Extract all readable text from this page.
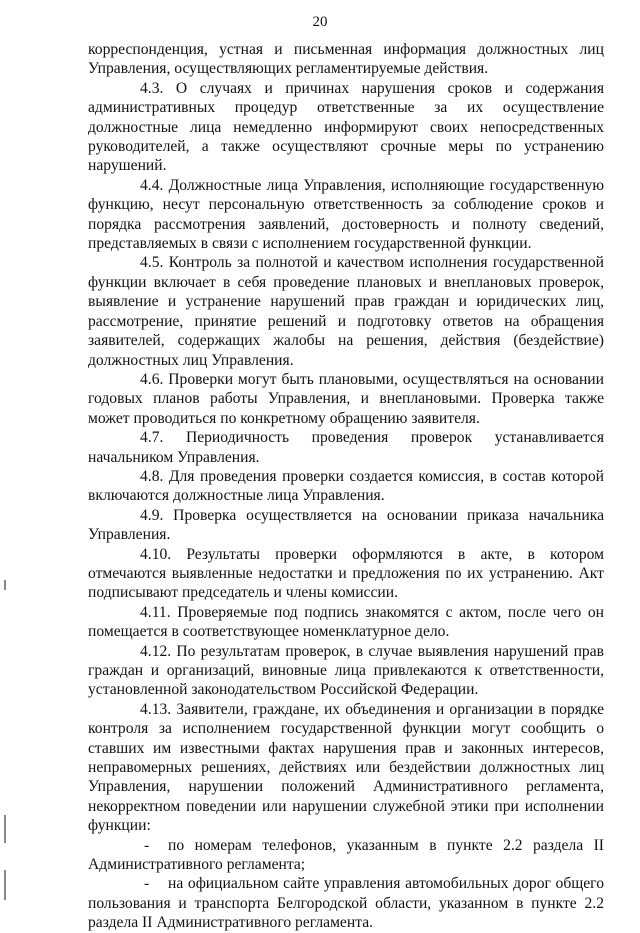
20

корреспонденция, устная и письменная информация должностных лиц Управления, осуществляющих регламентируемые действия.

4.3. О случаях и причинах нарушения сроков и содержания административных процедур ответственные за их осуществление должностные лица немедленно информируют своих непосредственных руководителей, а также осуществляют срочные меры по устранению нарушений.

4.4. Должностные лица Управления, исполняющие государственную функцию, несут персональную ответственность за соблюдение сроков и порядка рассмотрения заявлений, достоверность и полноту сведений, представляемых в связи с исполнением государственной функции.

4.5. Контроль за полнотой и качеством исполнения государственной функции включает в себя проведение плановых и внеплановых проверок, выявление и устранение нарушений прав граждан и юридических лиц, рассмотрение, принятие решений и подготовку ответов на обращения заявителей, содержащих жалобы на решения, действия (бездействие) должностных лиц Управления.

4.6. Проверки могут быть плановыми, осуществляться на основании годовых планов работы Управления, и внеплановыми. Проверка также может проводиться по конкретному обращению заявителя.

4.7. Периодичность проведения проверок устанавливается начальником Управления.

4.8. Для проведения проверки создается комиссия, в состав которой включаются должностные лица Управления.

4.9. Проверка осуществляется на основании приказа начальника Управления.

4.10. Результаты проверки оформляются в акте, в котором отмечаются выявленные недостатки и предложения по их устранению. Акт подписывают председатель и члены комиссии.

4.11. Проверяемые под подпись знакомятся с актом, после чего он помещается в соответствующее номенклатурное дело.

4.12. По результатам проверок, в случае выявления нарушений прав граждан и организаций, виновные лица привлекаются к ответственности, установленной законодательством Российской Федерации.

4.13. Заявители, граждане, их объединения и организации в порядке контроля за исполнением государственной функции могут сообщить о ставших им известными фактах нарушения прав и законных интересов, неправомерных решениях, действиях или бездействии должностных лиц Управления, нарушении положений Административного регламента, некорректном поведении или нарушении служебной этики при исполнении функции:

- по номерам телефонов, указанным в пункте 2.2 раздела II Административного регламента;

- на официальном сайте управления автомобильных дорог общего пользования и транспорта Белгородской области, указанном в пункте 2.2 раздела II Административного регламента.
